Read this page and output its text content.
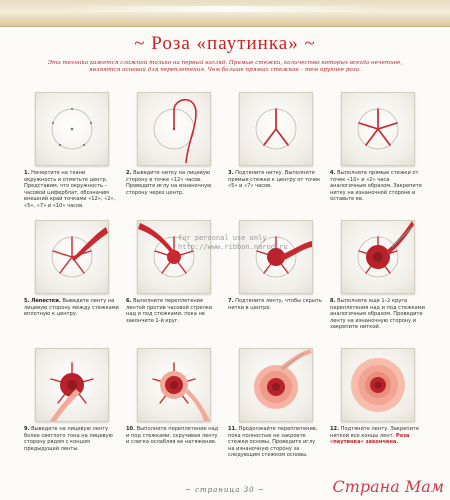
~ Роза «паутинка» ~
Эта техника кажется сложной только на первый взгляд. Прямые стежки, количество которых всегда нечетное, являются основой для переплетения. Чем больше прямых стежков – тем крупнее роза.
1. Начертите на ткани окружность и отметьте центр. Представим, что окружность – часовой циферблат, обозначим внешний край точками «12», «2», «5», «7» и «10» часов.
2. Выведите нитку на лицевую сторону в точке «12» часов. Проведите иглу на изнаночную сторону через центр.
3. Подтяните нитку. Выполните прямые стежки к центру от точек «5» и «7» часов.
4. Выполните прямые стежки от точек «10» и «2» часа аналогичным образом. Закрепите нитку на изнаночной стороне и оставьте ее.
5. Лепестки. Выведите ленту на лицевую сторону между стежками вплотную к центру.
6. Выполните переплетение лентой против часовой стрелки над и под стежками, пока не закончите 1-й круг.
7. Подтяните ленту, чтобы скрыть нитки в центре.
8. Выполните еще 1–2 круга переплетения над и под стежками аналогичным образом. Проведите ленту на изнаночную сторону и закрепите ниткой.
for personal use only
http://www.ribbon.narod.ru
9. Выведите на лицевую ленту более светлого тона на лицевую сторону рядом с концом предыдущей ленты.
10. Выполните переплетение над и под стежками, скручивая ленту и слегка ослабляя ее натяжение.
11. Продолжайте переплетение, пока полностью не закроете стежки основы. Проведите иглу на изнаночную сторону за следующим стежком основы.
12. Подтяните ленту. Закрепите ниткой все концы лент. Роза «паутинка» закончена.
~ страница 30 ~	Страна Мам
